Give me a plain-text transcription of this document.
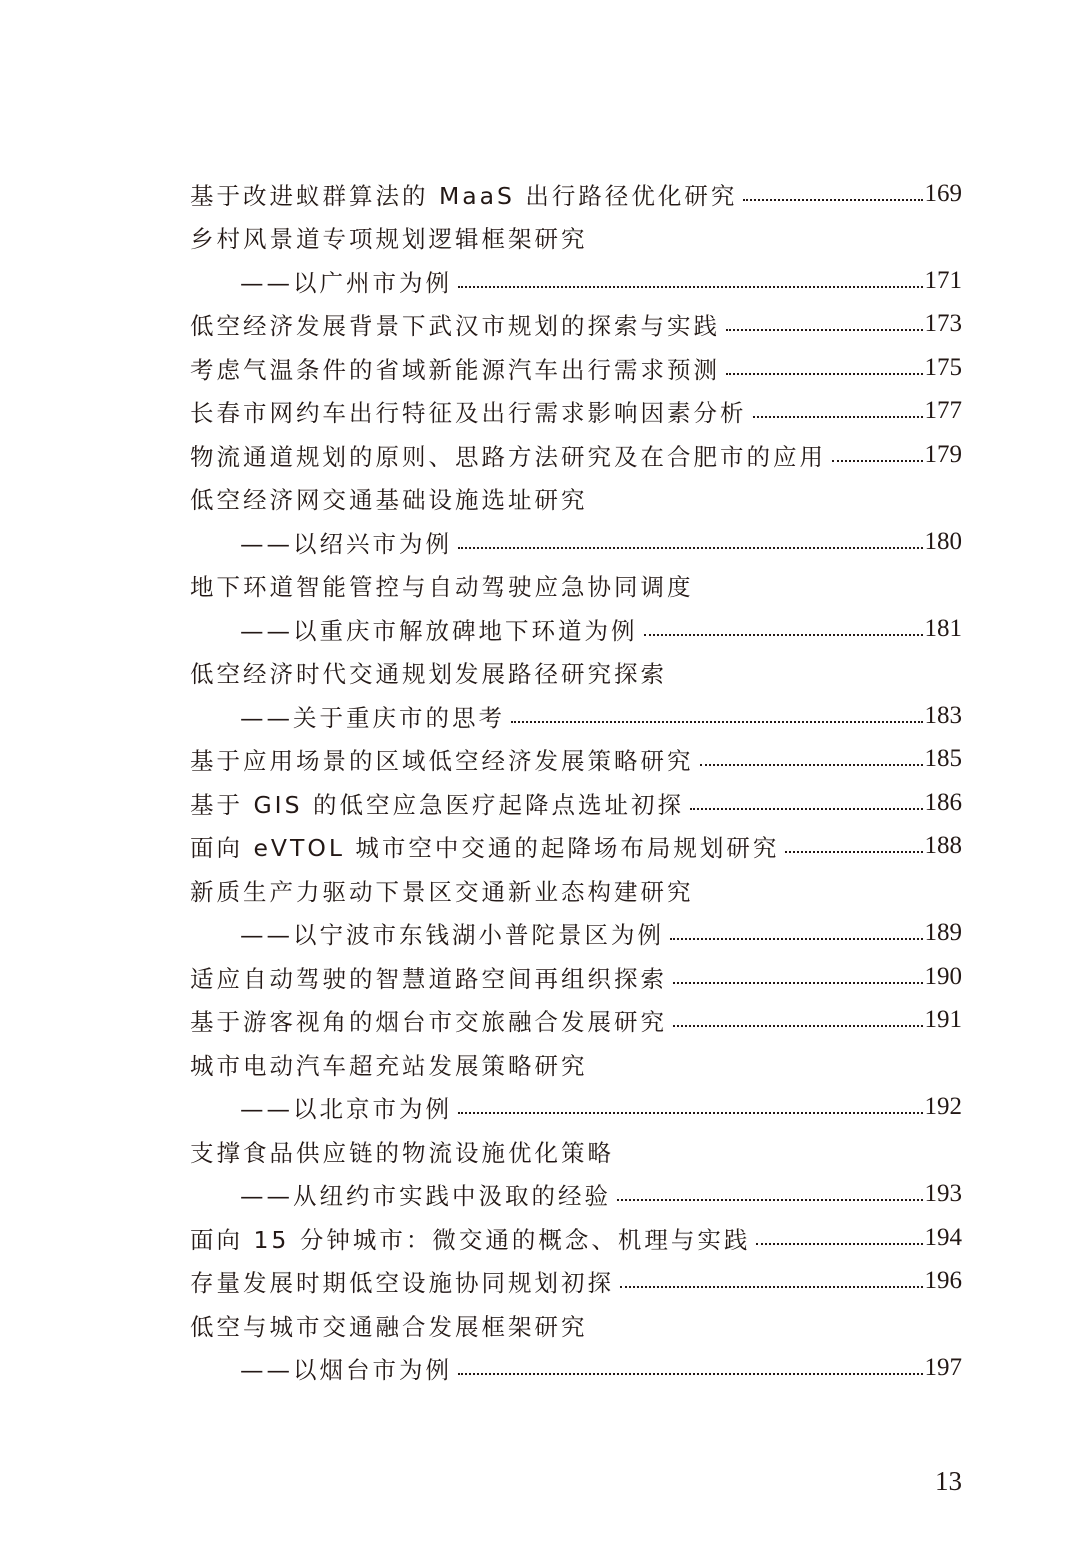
基于改进蚁群算法的 MaaS 出行路径优化研究	169
乡村风景道专项规划逻辑框架研究
——以广州市为例	171
低空经济发展背景下武汉市规划的探索与实践	173
考虑气温条件的省域新能源汽车出行需求预测	175
长春市网约车出行特征及出行需求影响因素分析	177
物流通道规划的原则、思路方法研究及在合肥市的应用	179
低空经济网交通基础设施选址研究
——以绍兴市为例	180
地下环道智能管控与自动驾驶应急协同调度
——以重庆市解放碑地下环道为例	181
低空经济时代交通规划发展路径研究探索
——关于重庆市的思考	183
基于应用场景的区域低空经济发展策略研究	185
基于 GIS 的低空应急医疗起降点选址初探	186
面向 eVTOL 城市空中交通的起降场布局规划研究	188
新质生产力驱动下景区交通新业态构建研究
——以宁波市东钱湖小普陀景区为例	189
适应自动驾驶的智慧道路空间再组织探索	190
基于游客视角的烟台市交旅融合发展研究	191
城市电动汽车超充站发展策略研究
——以北京市为例	192
支撑食品供应链的物流设施优化策略
——从纽约市实践中汲取的经验	193
面向 15 分钟城市：微交通的概念、机理与实践	194
存量发展时期低空设施协同规划初探	196
低空与城市交通融合发展框架研究
——以烟台市为例	197
13
